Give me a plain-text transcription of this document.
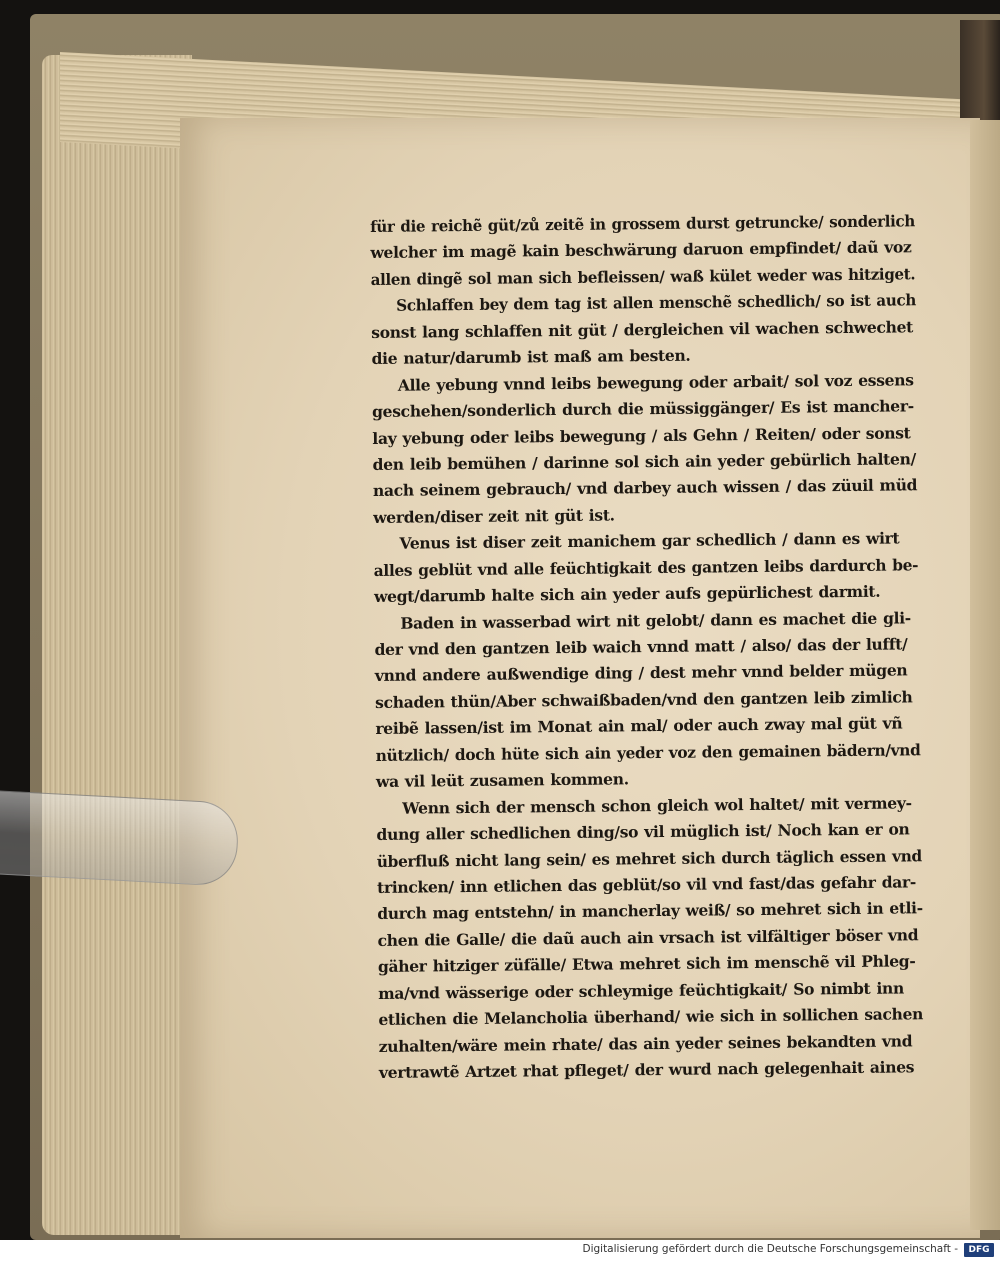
für die reichẽ güt/zů zeitẽ in grossem durst getruncke/ sonderlich
welcher im magẽ kain beschwärung daruon empfindet/ daũ voz
allen dingẽ sol man sich befleissen/ waß kület weder was hitziget.
Schlaffen bey dem tag ist allen menschẽ schedlich/ so ist auch
sonst lang schlaffen nit güt / dergleichen vil wachen schwechet
die natur/darumb ist maß am besten.
Alle yebung vnnd leibs bewegung oder arbait/ sol voz essens
geschehen/sonderlich durch die müssiggänger/ Es ist mancher-
lay yebung oder leibs bewegung / als Gehn / Reiten/ oder sonst
den leib bemühen / darinne sol sich ain yeder gebürlich halten/
nach seinem gebrauch/ vnd darbey auch wissen / das züuil müd
werden/diser zeit nit güt ist.
Venus ist diser zeit manichem gar schedlich / dann es wirt
alles geblüt vnd alle feüchtigkait des gantzen leibs dardurch be-
wegt/darumb halte sich ain yeder aufs gepürlichest darmit.
Baden in wasserbad wirt nit gelobt/ dann es machet die gli-
der vnd den gantzen leib waich vnnd matt / also/ das der lufft/
vnnd andere außwendige ding / dest mehr vnnd belder mügen
schaden thün/Aber schwaißbaden/vnd den gantzen leib zimlich
reibẽ lassen/ist im Monat ain mal/ oder auch zway mal güt vñ
nützlich/ doch hüte sich ain yeder voz den gemainen bädern/vnd
wa vil leüt zusamen kommen.
Wenn sich der mensch schon gleich wol haltet/ mit vermey-
dung aller schedlichen ding/so vil müglich ist/ Noch kan er on
überfluß nicht lang sein/ es mehret sich durch täglich essen vnd
trincken/ inn etlichen das geblüt/so vil vnd fast/das gefahr dar-
durch mag entstehn/ in mancherlay weiß/ so mehret sich in etli-
chen die Galle/ die daũ auch ain vrsach ist vilfältiger böser vnd
gäher hitziger züfälle/ Etwa mehret sich im menschẽ vil Phleg-
ma/vnd wässerige oder schleymige feüchtigkait/ So nimbt inn
etlichen die Melancholia überhand/ wie sich in sollichen sachen
zuhalten/wäre mein rhate/ das ain yeder seines bekandten vnd
vertrawtẽ Artzet rhat pfleget/ der wurd nach gelegenhait aines
Digitalisierung gefördert durch die Deutsche Forschungsgemeinschaft -	DFG
